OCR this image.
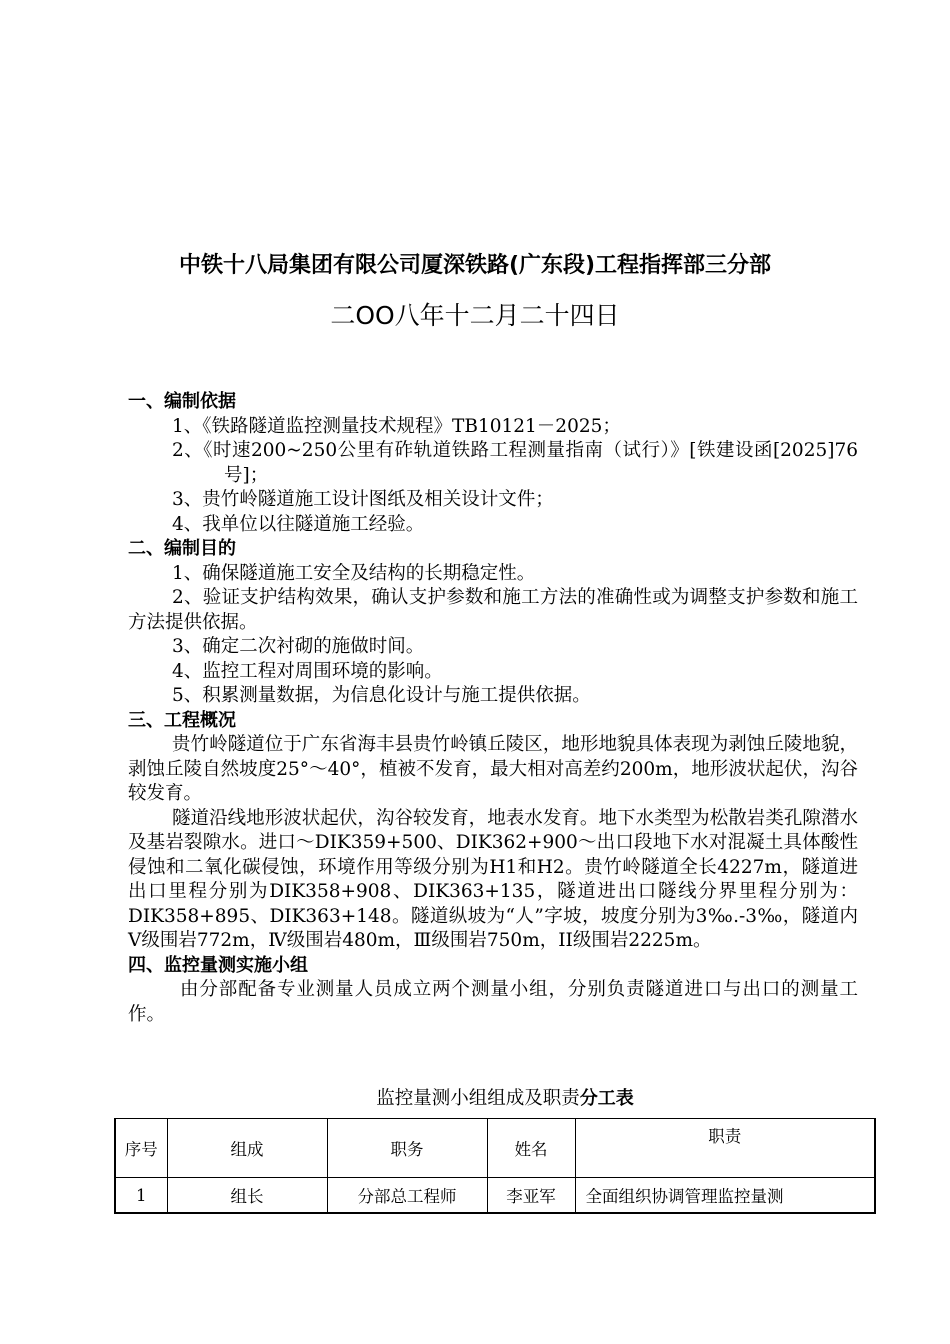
中铁十八局集团有限公司厦深铁路(广东段)工程指挥部三分部
二OO八年十二月二十四日

一、编制依据

1、《铁路隧道监控测量技术规程》TB10121－2025；

2、《时速200~250公里有砟轨道铁路工程测量指南（试行）》[铁建设函[2025]76号]；

3、贵竹岭隧道施工设计图纸及相关设计文件；

4、我单位以往隧道施工经验。

二、编制目的

1、确保隧道施工安全及结构的长期稳定性。

2、验证支护结构效果，确认支护参数和施工方法的准确性或为调整支护参数和施工方法提供依据。

3、确定二次衬砌的施做时间。

4、监控工程对周围环境的影响。

5、积累测量数据，为信息化设计与施工提供依据。

三、工程概况

贵竹岭隧道位于广东省海丰县贵竹岭镇丘陵区，地形地貌具体表现为剥蚀丘陵地貌，剥蚀丘陵自然坡度25°～40°，植被不发育，最大相对高差约200m，地形波状起伏，沟谷较发育。

隧道沿线地形波状起伏，沟谷较发育，地表水发育。地下水类型为松散岩类孔隙潜水及基岩裂隙水。进口～DIK359+500、DIK362+900～出口段地下水对混凝土具体酸性侵蚀和二氧化碳侵蚀，环境作用等级分别为H1和H2。贵竹岭隧道全长4227m，隧道进出口里程分别为DIK358+908、DIK363+135，隧道进出口隧线分界里程分别为：DIK358+895、DIK363+148。隧道纵坡为“人”字坡，坡度分别为3‰.-3‰，隧道内Ⅴ级围岩772m，Ⅳ级围岩480m，Ⅲ级围岩750m，II级围岩2225m。

四、监控量测实施小组

由分部配备专业测量人员成立两个测量小组，分别负责隧道进口与出口的测量工作。

监控量测小组组成及职责分工表
序号	组成	职务	姓名	职责
1	组长	分部总工程师	李亚军	全面组织协调管理监控量测
